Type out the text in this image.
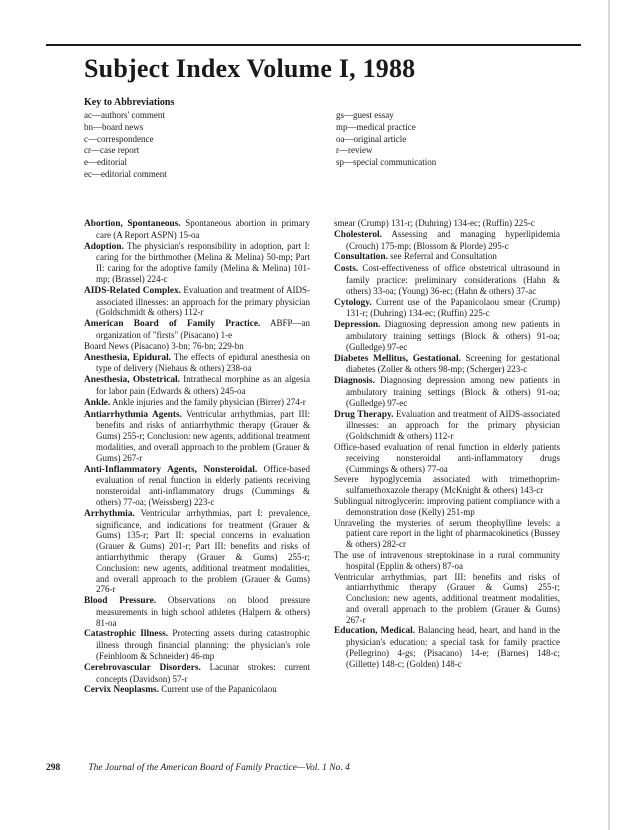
Subject Index Volume I, 1988
Key to Abbreviations
ac—authors' comment
bn—board news
c—correspondence
cr—case report
e—editorial
ec—editorial comment
gs—guest essay
mp—medical practice
oa—original article
r—review
sp—special communication
Abortion, Spontaneous. Spontaneous abortion in primary care (A Report ASPN) 15-oa
Adoption. The physician's responsibility in adoption, part I: caring for the birthmother (Melina & Melina) 50-mp; Part II: caring for the adoptive family (Melina & Melina) 101-mp; (Brassel) 224-c
AIDS-Related Complex. Evaluation and treatment of AIDS-associated illnesses: an approach for the primary physician (Goldschmidt & others) 112-r
American Board of Family Practice. ABFP—an organization of "firsts" (Pisacano) 1-e
Board News (Pisacano) 3-bn; 76-bn; 229-bn
Anesthesia, Epidural. The effects of epidural anesthesia on type of delivery (Niehaus & others) 238-oa
Anesthesia, Obstetrical. Intrathecal morphine as an algesia for labor pain (Edwards & others) 245-oa
Ankle. Ankle injuries and the family physician (Birrer) 274-r
Antiarrhythmia Agents. Ventricular arrhythmias, part III: benefits and risks of antiarrhythmic therapy (Grauer & Gums) 255-r; Conclusion: new agents, additional treatment modalities, and overall approach to the problem (Grauer & Gums) 267-r
Anti-Inflammatory Agents, Nonsteroidal. Office-based evaluation of renal function in elderly patients receiving nonsteroidal anti-inflammatory drugs (Cummings & others) 77-oa; (Weissberg) 223-c
Arrhythmia. Ventricular arrhythmias, part I: prevalence, significance, and indications for treatment (Grauer & Gums) 135-r; Part II: special concerns in evaluation (Grauer & Gums) 201-r; Part III: benefits and risks of antiarrhythmic therapy (Grauer & Gums) 255-r; Conclusion: new agents, additional treatment modalities, and overall approach to the problem (Grauer & Gums) 276-r
Blood Pressure. Observations on blood pressure measurements in high school athletes (Halpern & others) 81-oa
Catastrophic Illness. Protecting assets during catastrophic illness through financial planning: the physician's role (Feinbloom & Schneider) 46-mp
Cerebrovascular Disorders. Lacunar strokes: current concepts (Davidson) 57-r
Cervix Neoplasms. Current use of the Papanicolaou
smear (Crump) 131-r; (Duhring) 134-ec; (Ruffin) 225-c
Cholesterol. Assessing and managing hyperlipidemia (Crouch) 175-mp; (Blossom & Plorde) 295-c
Consultation. see Referral and Consultation
Costs. Cost-effectiveness of office obstetrical ultrasound in family practice: preliminary considerations (Hahn & others) 33-oa; (Young) 36-ec; (Hahn & others) 37-ac
Cytology. Current use of the Papanicolaou smear (Crump) 131-r; (Duhring) 134-ec; (Ruffin) 225-c
Depression. Diagnosing depression among new patients in ambulatory training settings (Block & others) 91-oa; (Gulledge) 97-ec
Diabetes Mellitus, Gestational. Screening for gestational diabetes (Zoller & others 98-mp; (Scherger) 223-c
Diagnosis. Diagnosing depression among new patients in ambulatory training settings (Block & others) 91-oa; (Gulledge) 97-ec
Drug Therapy. Evaluation and treatment of AIDS-associated illnesses: an approach for the primary physician (Goldschmidt & others) 112-r
Office-based evaluation of renal function in elderly patients receiving nonsteroidal anti-inflammatory drugs (Cummings & others) 77-oa
Severe hypoglycemia associated with trimethoprim-sulfamethoxazole therapy (McKnight & others) 143-cr
Sublingual nitroglycerin: improving patient compliance with a demonstration dose (Kelly) 251-mp
Unraveling the mysteries of serum theophylline levels: a patient care report in the light of pharmacokinetics (Bussey & others) 282-cr
The use of intravenous streptokinase in a rural community hospital (Epplin & others) 87-oa
Ventricular arrhythmias, part III: benefits and risks of antiarrhythmic therapy (Grauer & Gums) 255-r; Conclusion: new agents, additional treatment modalities, and overall approach to the problem (Grauer & Gums) 267-r
Education, Medical. Balancing head, heart, and hand in the physician's education: a special task for family practice (Pellegrino) 4-gs; (Pisacano) 14-e; (Barnes) 148-c; (Gillette) 148-c; (Golden) 148-c
298	The Journal of the American Board of Family Practice—Vol. 1 No. 4
